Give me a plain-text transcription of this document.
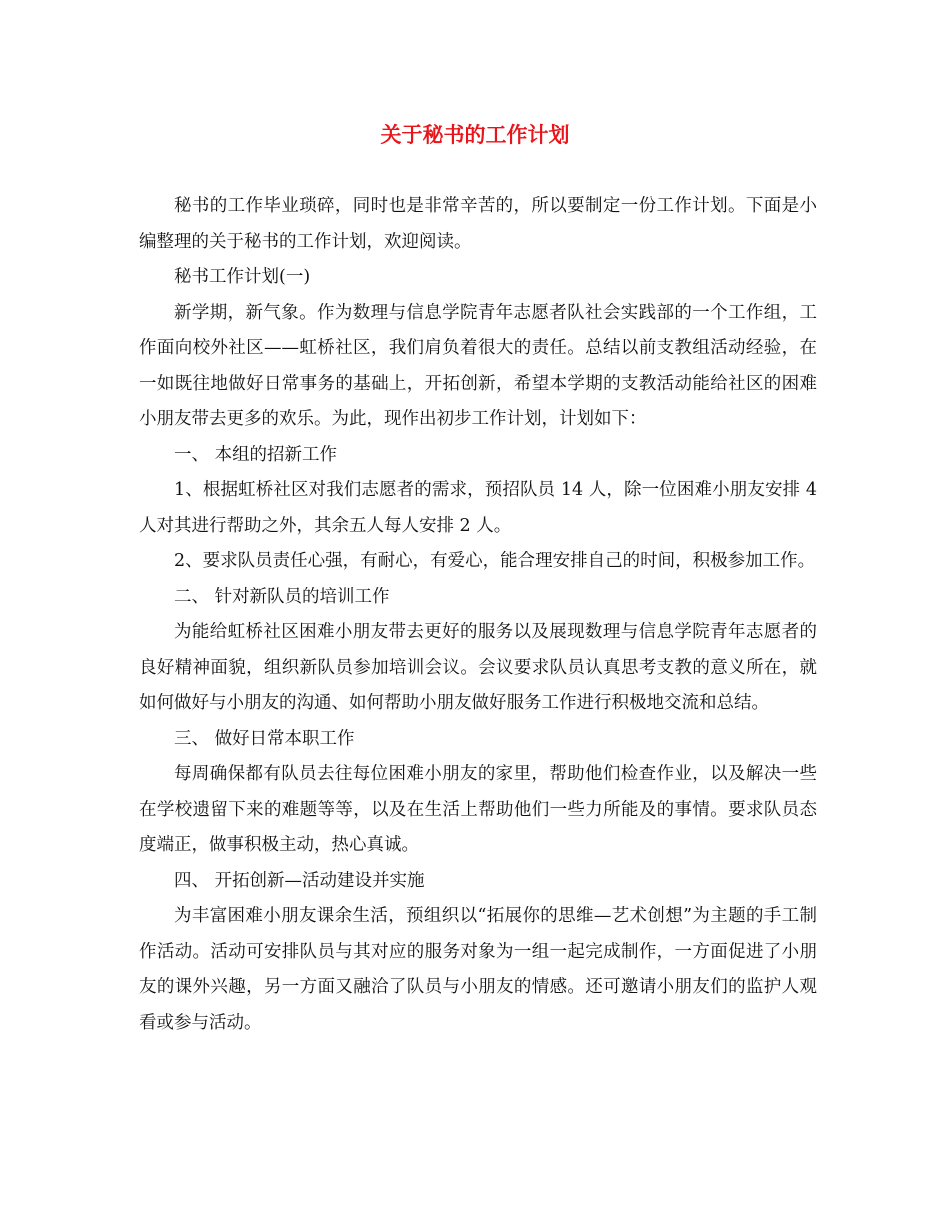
关于秘书的工作计划

秘书的工作毕业琐碎，同时也是非常辛苦的，所以要制定一份工作计划。下面是小编整理的关于秘书的工作计划，欢迎阅读。

秘书工作计划(一)

新学期，新气象。作为数理与信息学院青年志愿者队社会实践部的一个工作组，工作面向校外社区——虹桥社区，我们肩负着很大的责任。总结以前支教组活动经验，在一如既往地做好日常事务的基础上，开拓创新，希望本学期的支教活动能给社区的困难小朋友带去更多的欢乐。为此，现作出初步工作计划，计划如下：

一、 本组的招新工作

1、根据虹桥社区对我们志愿者的需求，预招队员 14 人，除一位困难小朋友安排 4 人对其进行帮助之外，其余五人每人安排 2 人。

2、要求队员责任心强，有耐心，有爱心，能合理安排自己的时间，积极参加工作。

二、 针对新队员的培训工作

为能给虹桥社区困难小朋友带去更好的服务以及展现数理与信息学院青年志愿者的良好精神面貌，组织新队员参加培训会议。会议要求队员认真思考支教的意义所在，就如何做好与小朋友的沟通、如何帮助小朋友做好服务工作进行积极地交流和总结。

三、 做好日常本职工作

每周确保都有队员去往每位困难小朋友的家里，帮助他们检查作业，以及解决一些在学校遗留下来的难题等等，以及在生活上帮助他们一些力所能及的事情。要求队员态度端正，做事积极主动，热心真诚。

四、 开拓创新—活动建设并实施

为丰富困难小朋友课余生活，预组织以“拓展你的思维—艺术创想”为主题的手工制作活动。活动可安排队员与其对应的服务对象为一组一起完成制作，一方面促进了小朋友的课外兴趣，另一方面又融洽了队员与小朋友的情感。还可邀请小朋友们的监护人观看或参与活动。
